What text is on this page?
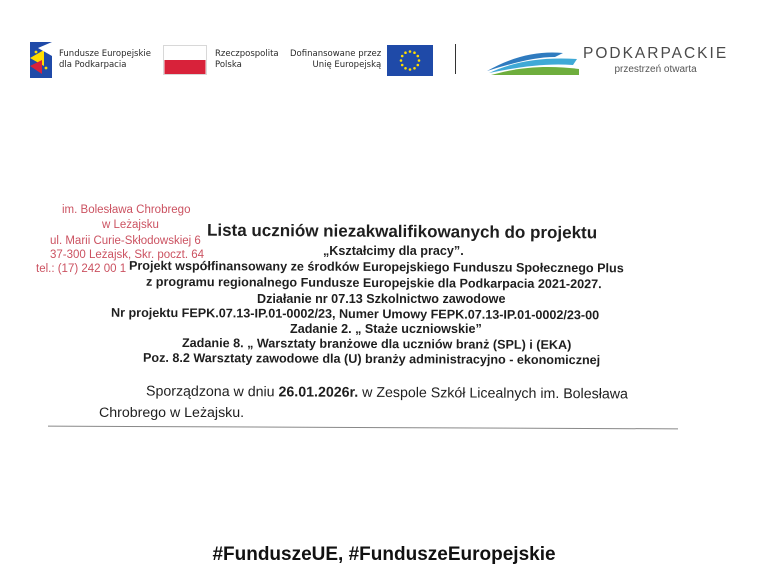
Fundusze Europejskie
dla Podkarpacia
Rzeczpospolita
Polska
Dofinansowane przez
Unię Europejską
PODKARPACKIE
przestrzeń otwarta
im. Bolesława Chrobrego
w Leżajsku
ul. Marii Curie-Skłodowskiej 6
37-300 Leżajsk, Skr. poczt. 64
tel.: (17) 242 00 1
Lista uczniów niezakwalifikowanych do projektu
„Kształcimy dla pracy”.
Projekt współfinansowany ze środków Europejskiego Funduszu Społecznego Plus
z programu regionalnego Fundusze Europejskie dla Podkarpacia 2021-2027.
Działanie nr 07.13 Szkolnictwo zawodowe
Nr projektu FEPK.07.13-IP.01-0002/23, Numer Umowy FEPK.07.13-IP.01-0002/23-00
Zadanie 2. „ Staże uczniowskie”
Zadanie 8. „ Warsztaty branżowe dla uczniów branż (SPL) i (EKA)
Poz. 8.2 Warsztaty zawodowe dla (U) branży administracyjno - ekonomicznej
Sporządzona w dniu 26.01.2026r. w Zespole Szkół Licealnych im. Bolesława
Chrobrego w Leżajsku.
#FunduszeUE, #FunduszeEuropejskie
